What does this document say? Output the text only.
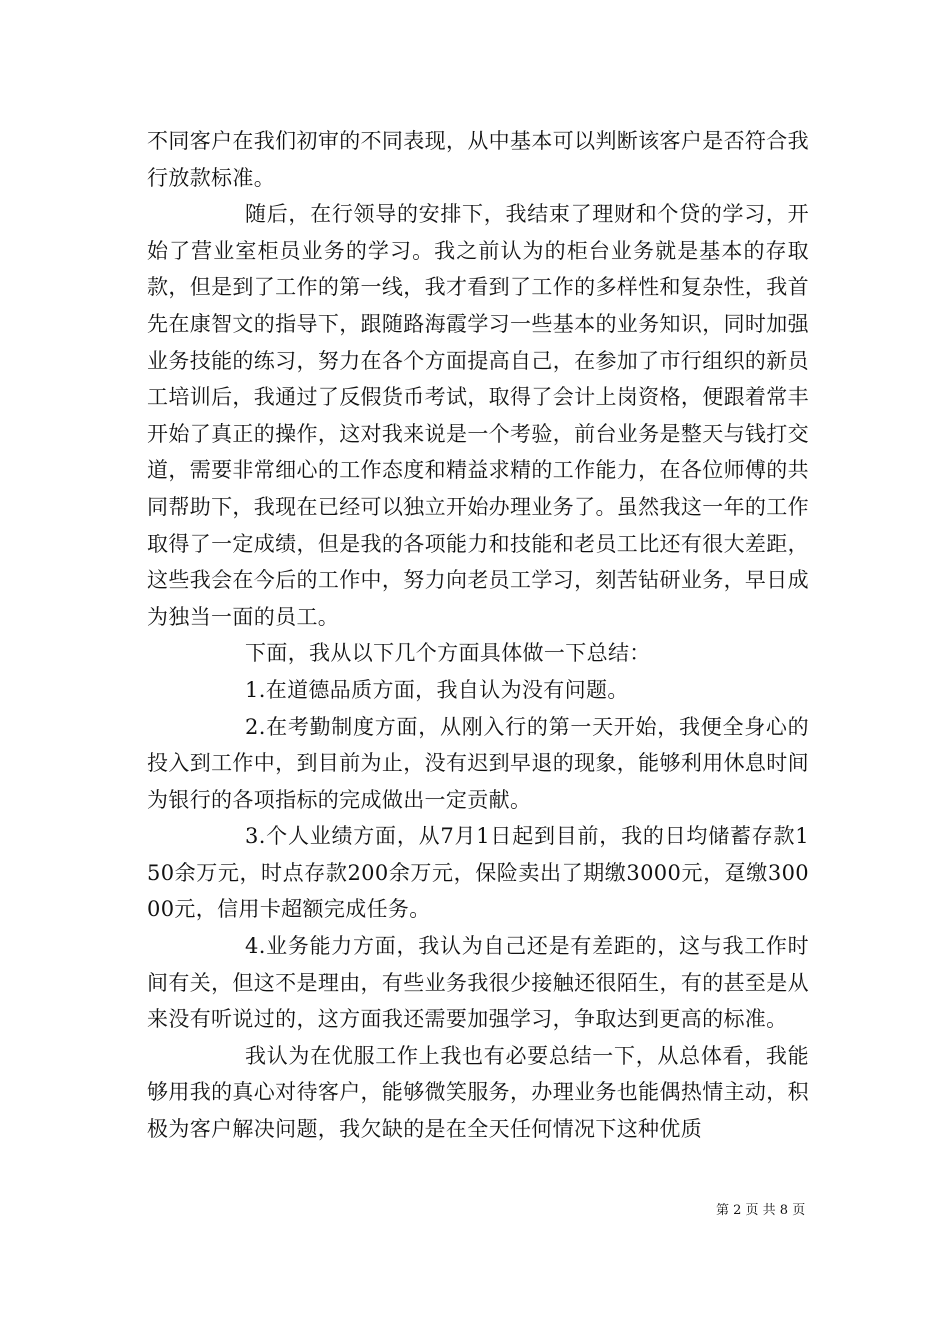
不同客户在我们初审的不同表现，从中基本可以判断该客户是否符合我行放款标准。

随后，在行领导的安排下，我结束了理财和个贷的学习，开始了营业室柜员业务的学习。我之前认为的柜台业务就是基本的存取款，但是到了工作的第一线，我才看到了工作的多样性和复杂性，我首先在康智文的指导下，跟随路海霞学习一些基本的业务知识，同时加强业务技能的练习，努力在各个方面提高自己，在参加了市行组织的新员工培训后，我通过了反假货币考试，取得了会计上岗资格，便跟着常丰开始了真正的操作，这对我来说是一个考验，前台业务是整天与钱打交道，需要非常细心的工作态度和精益求精的工作能力，在各位师傅的共同帮助下，我现在已经可以独立开始办理业务了。虽然我这一年的工作取得了一定成绩，但是我的各项能力和技能和老员工比还有很大差距，这些我会在今后的工作中，努力向老员工学习，刻苦钻研业务，早日成为独当一面的员工。

下面，我从以下几个方面具体做一下总结：

1.在道德品质方面，我自认为没有问题。

2.在考勤制度方面，从刚入行的第一天开始，我便全身心的投入到工作中，到目前为止，没有迟到早退的现象，能够利用休息时间为银行的各项指标的完成做出一定贡献。

3.个人业绩方面，从7月1日起到目前，我的日均储蓄存款150余万元，时点存款200余万元，保险卖出了期缴3000元，趸缴30000元，信用卡超额完成任务。

4.业务能力方面，我认为自己还是有差距的，这与我工作时间有关，但这不是理由，有些业务我很少接触还很陌生，有的甚至是从来没有听说过的，这方面我还需要加强学习，争取达到更高的标准。

我认为在优服工作上我也有必要总结一下，从总体看，我能够用我的真心对待客户，能够微笑服务，办理业务也能偶热情主动，积极为客户解决问题，我欠缺的是在全天任何情况下这种优质

第 2 页 共 8 页
